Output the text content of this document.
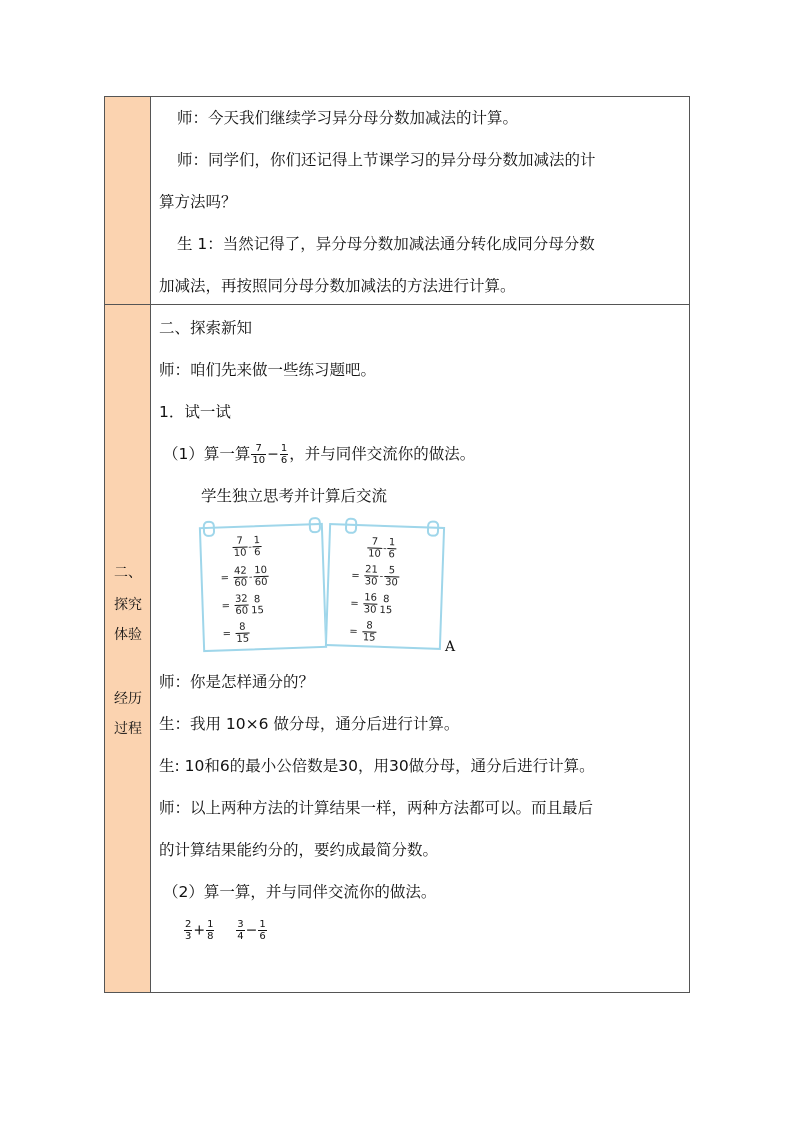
二、
探究
体验
经历
过程
师：今天我们继续学习异分母分数加减法的计算。
师：同学们，你们还记得上节课学习的异分母分数加减法的计
算方法吗？
生 1：当然记得了，异分母分数加减法通分转化成同分母分数
加减法，再按照同分母分数加减法的方法进行计算。
二、探索新知
师：咱们先来做一些练习题吧。
1．试一试
（1）算一算 $\frac{7}{10} - \frac{1}{6}$ ，并与同伴交流你的做法。
学生独立思考并计算后交流
$\frac{7}{10} - \frac{1}{6}$
= $\frac{42}{60} - \frac{10}{60}$
= $\frac{32}{60} 8$
15
= $\frac{8}{15}$
$\frac{7}{10} - \frac{1}{6}$
= $\frac{21}{30} - \frac{5}{30}$
= $\frac{16}{30} 8$
15
= $\frac{8}{15}$
A
师：你是怎样通分的？
生：我用 10×6 做分母，通分后进行计算。
生: 10和6的最小公倍数是30，用30做分母，通分后进行计算。
师：以上两种方法的计算结果一样，两种方法都可以。而且最后
的计算结果能约分的，要约成最简分数。
（2）算一算，并与同伴交流你的做法。
$\frac{2}{3} + \frac{1}{8}$
$\frac{3}{4} - \frac{1}{6}$
